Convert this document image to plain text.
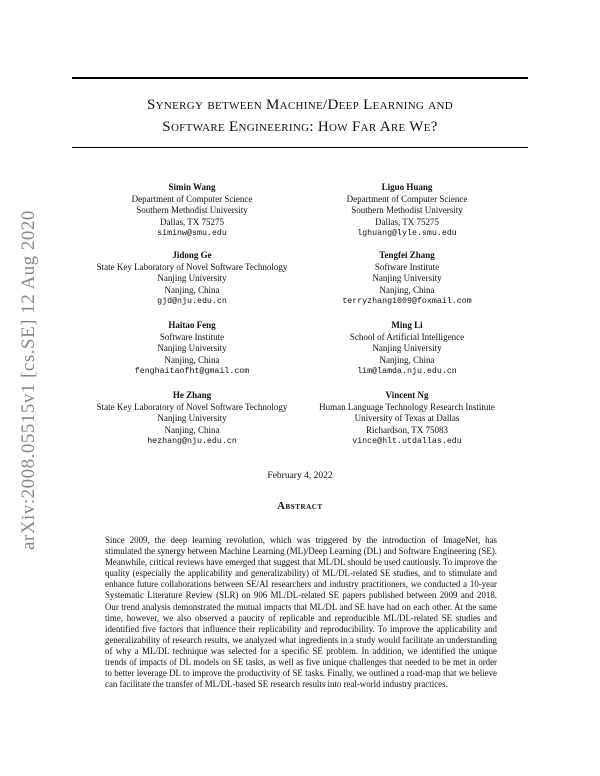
Synergy between Machine/Deep Learning and
Software Engineering: How Far Are We?
arXiv:2008.05515v1 [cs.SE] 12 Aug 2020
Simin Wang
Department of Computer Science
Southern Methodist University
Dallas, TX 75275
siminw@smu.edu
Liguo Huang
Department of Computer Science
Southern Methodist University
Dallas, TX 75275
lghuang@lyle.smu.edu
Jidong Ge
State Key Laboratory of Novel Software Technology
Nanjing University
Nanjing, China
gjd@nju.edu.cn
Tengfei Zhang
Software Institute
Nanjing University
Nanjing, China
terryzhang1009@foxmail.com
Haitao Feng
Software Institute
Nanjing University
Nanjing, China
fenghaitaofht@gmail.com
Ming Li
School of Artificial Intelligence
Nanjing University
Nanjing, China
lim@lamda.nju.edu.cn
He Zhang
State Key Laboratory of Novel Software Technology
Nanjing University
Nanjing, China
hezhang@nju.edu.cn
Vincent Ng
Human Language Technology Research Institute
University of Texas at Dallas
Richardson, TX 75083
vince@hlt.utdallas.edu
February 4, 2022
Abstract

Since 2009, the deep learning revolution, which was triggered by the introduction of ImageNet, has stimulated the synergy between Machine Learning (ML)/Deep Learning (DL) and Software Engineering (SE). Meanwhile, critical reviews have emerged that suggest that ML/DL should be used cautiously. To improve the quality (especially the applicability and generalizability) of ML/DL-related SE studies, and to stimulate and enhance future collaborations between SE/AI researchers and industry practitioners, we conducted a 10-year Systematic Literature Review (SLR) on 906 ML/DL-related SE papers published between 2009 and 2018. Our trend analysis demonstrated the mutual impacts that ML/DL and SE have had on each other. At the same time, however, we also observed a paucity of replicable and reproducible ML/DL-related SE studies and identified five factors that influence their replicability and reproducibility. To improve the applicability and generalizability of research results, we analyzed what ingredients in a study would facilitate an understanding of why a ML/DL technique was selected for a specific SE problem. In addition, we identified the unique trends of impacts of DL models on SE tasks, as well as five unique challenges that needed to be met in order to better leverage DL to improve the productivity of SE tasks. Finally, we outlined a road-map that we believe can facilitate the transfer of ML/DL-based SE research results into real-world industry practices.
